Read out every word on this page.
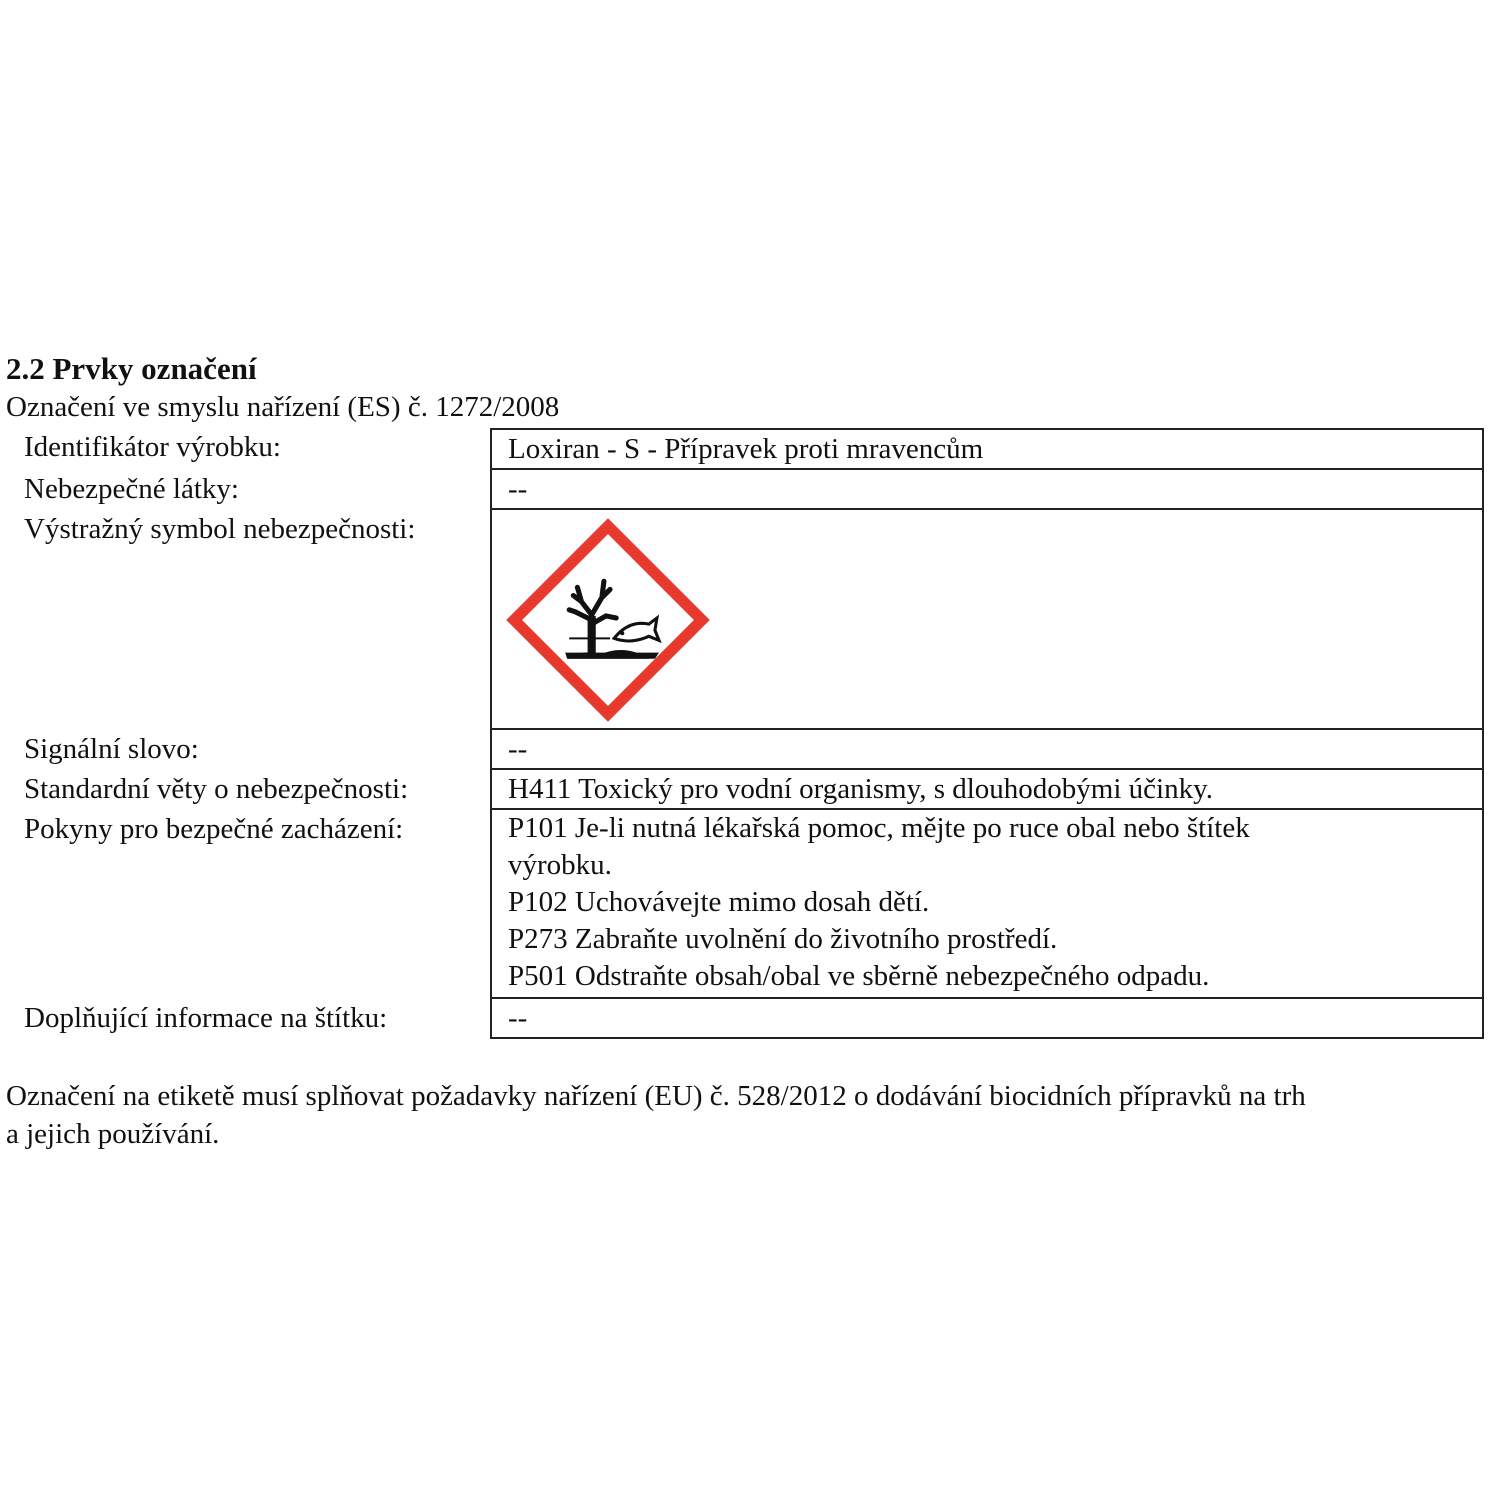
2.2 Prvky označení

Označení ve smyslu nařízení (ES) č. 1272/2008

Identifikátor výrobku:	Loxiran - S - Přípravek proti mravencům
Nebezpečné látky:	--
Výstražný symbol nebezpečnosti:
Signální slovo:	--
Standardní věty o nebezpečnosti:	H411 Toxický pro vodní organismy, s dlouhodobými účinky.
Pokyny pro bezpečné zacházení:	P101 Je-li nutná lékařská pomoc, mějte po ruce obal nebo štítek
výrobku.
P102 Uchovávejte mimo dosah dětí.
P273 Zabraňte uvolnění do životního prostředí.
P501 Odstraňte obsah/obal ve sběrně nebezpečného odpadu.
Doplňující informace na štítku:	--

Označení na etiketě musí splňovat požadavky nařízení (EU) č. 528/2012 o dodávání biocidních přípravků na trh
a jejich používání.
